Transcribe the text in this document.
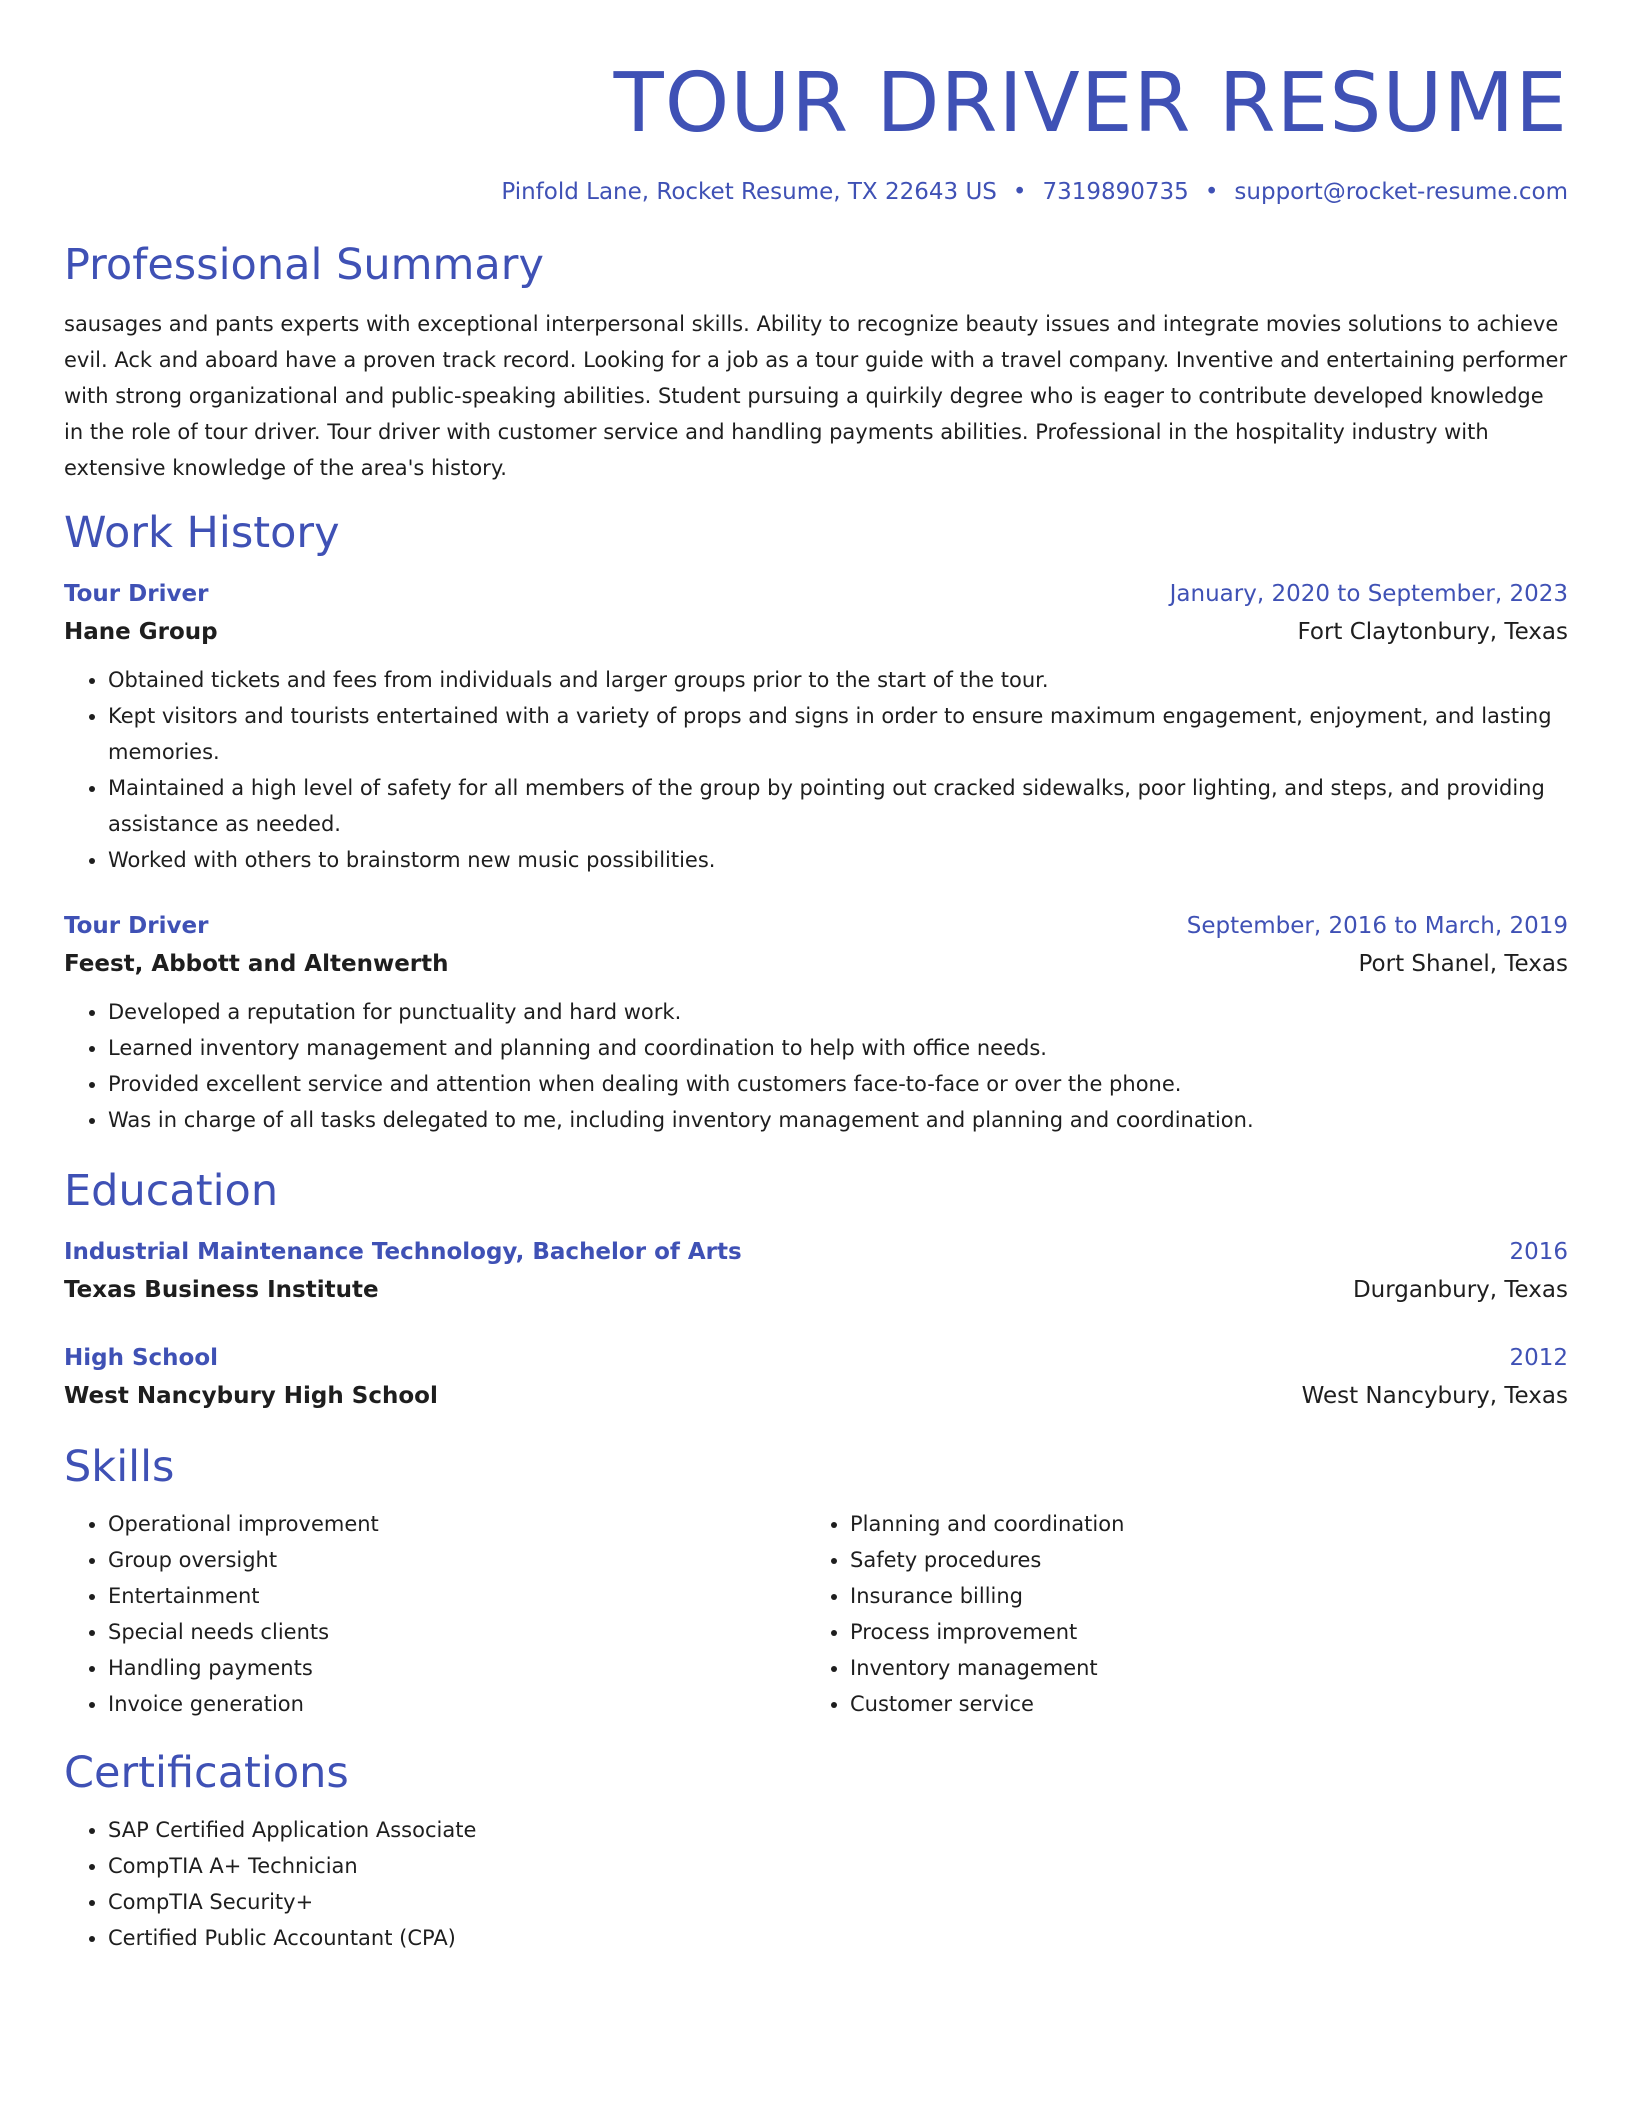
TOUR DRIVER RESUME
Pinfold Lane, Rocket Resume, TX 22643 US • 7319890735 • support@rocket-resume.com
Professional Summary
sausages and pants experts with exceptional interpersonal skills. Ability to recognize beauty issues and integrate movies solutions to achieve evil. Ack and aboard have a proven track record. Looking for a job as a tour guide with a travel company. Inventive and entertaining performer with strong organizational and public-speaking abilities. Student pursuing a quirkily degree who is eager to contribute developed knowledge in the role of tour driver. Tour driver with customer service and handling payments abilities. Professional in the hospitality industry with extensive knowledge of the area's history.
Work History
Tour Driver	January, 2020 to September, 2023
Hane Group	Fort Claytonbury, Texas
• Obtained tickets and fees from individuals and larger groups prior to the start of the tour.
• Kept visitors and tourists entertained with a variety of props and signs in order to ensure maximum engagement, enjoyment, and lasting memories.
• Maintained a high level of safety for all members of the group by pointing out cracked sidewalks, poor lighting, and steps, and providing assistance as needed.
• Worked with others to brainstorm new music possibilities.
Tour Driver	September, 2016 to March, 2019
Feest, Abbott and Altenwerth	Port Shanel, Texas
• Developed a reputation for punctuality and hard work.
• Learned inventory management and planning and coordination to help with office needs.
• Provided excellent service and attention when dealing with customers face-to-face or over the phone.
• Was in charge of all tasks delegated to me, including inventory management and planning and coordination.
Education
Industrial Maintenance Technology, Bachelor of Arts	2016
Texas Business Institute	Durganbury, Texas
High School	2012
West Nancybury High School	West Nancybury, Texas
Skills
• Operational improvement
• Group oversight
• Entertainment
• Special needs clients
• Handling payments
• Invoice generation
• Planning and coordination
• Safety procedures
• Insurance billing
• Process improvement
• Inventory management
• Customer service
Certifications
• SAP Certified Application Associate
• CompTIA A+ Technician
• CompTIA Security+
• Certified Public Accountant (CPA)
